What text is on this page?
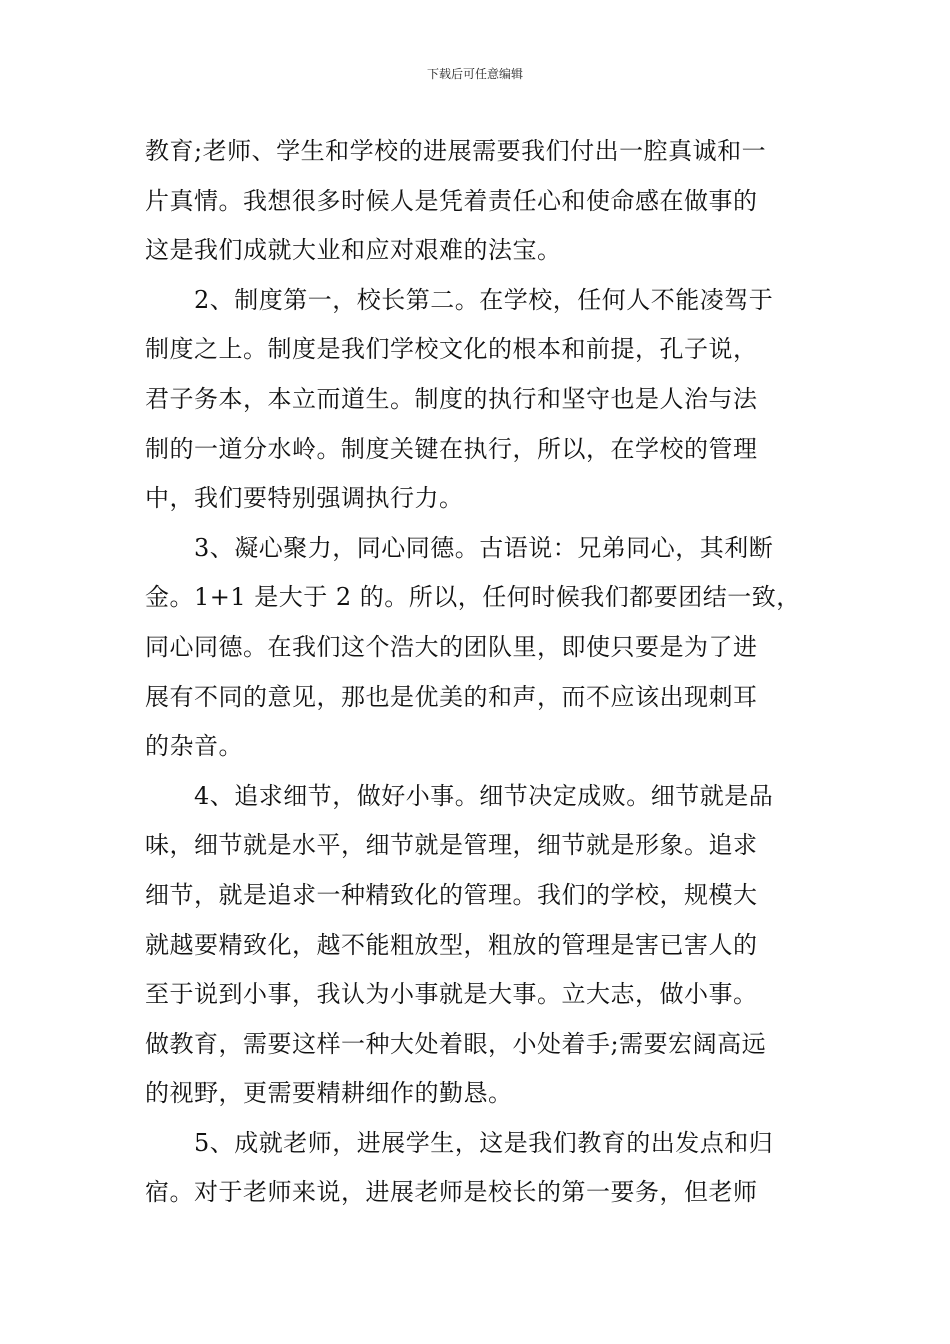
下载后可任意编辑
教育;老师、学生和学校的进展需要我们付出一腔真诚和一
片真情。我想很多时候人是凭着责任心和使命感在做事的
这是我们成就大业和应对艰难的法宝。
　　2、制度第一，校长第二。在学校，任何人不能凌驾于
制度之上。制度是我们学校文化的根本和前提，孔子说，
君子务本，本立而道生。制度的执行和坚守也是人治与法
制的一道分水岭。制度关键在执行，所以，在学校的管理
中，我们要特别强调执行力。
　　3、凝心聚力，同心同德。古语说：兄弟同心，其利断
金。1+1 是大于 2 的。所以，任何时候我们都要团结一致，
同心同德。在我们这个浩大的团队里，即使只要是为了进
展有不同的意见，那也是优美的和声，而不应该出现刺耳
的杂音。
　　4、追求细节，做好小事。细节决定成败。细节就是品
味，细节就是水平，细节就是管理，细节就是形象。追求
细节，就是追求一种精致化的管理。我们的学校，规模大
就越要精致化，越不能粗放型，粗放的管理是害已害人的
至于说到小事，我认为小事就是大事。立大志，做小事。
做教育，需要这样一种大处着眼，小处着手;需要宏阔高远
的视野，更需要精耕细作的勤恳。
　　5、成就老师，进展学生，这是我们教育的出发点和归
宿。对于老师来说，进展老师是校长的第一要务，但老师
